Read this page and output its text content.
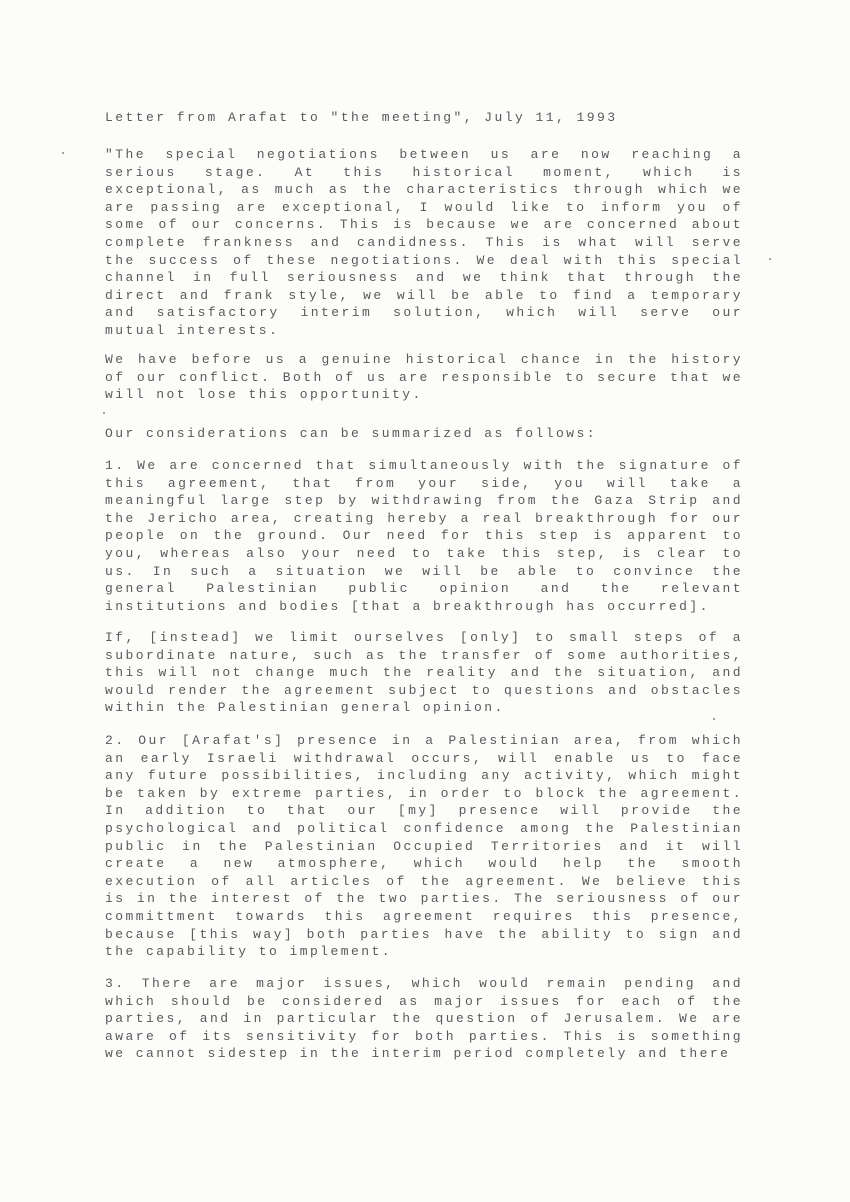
Letter from Arafat to "the meeting", July 11, 1993
"The special negotiations between us are now reaching a
serious stage. At this historical moment, which is
exceptional, as much as the characteristics through which we
are passing are exceptional, I would like to inform you of
some of our concerns. This is because we are concerned about
complete frankness and candidness. This is what will serve
the success of these negotiations. We deal with this special
channel in full seriousness and we think that through the
direct and frank style, we will be able to find a temporary
and satisfactory interim solution, which will serve our
mutual interests.
We have before us a genuine historical chance in the history
of our conflict. Both of us are responsible to secure that we
will not lose this opportunity.
Our considerations can be summarized as follows:
1. We are concerned that simultaneously with the signature of
this agreement, that from your side, you will take a
meaningful large step by withdrawing from the Gaza Strip and
the Jericho area, creating hereby a real breakthrough for our
people on the ground. Our need for this step is apparent to
you, whereas also your need to take this step, is clear to
us. In such a situation we will be able to convince the
general Palestinian public opinion and the relevant
institutions and bodies [that a breakthrough has occurred].
If, [instead] we limit ourselves [only] to small steps of a
subordinate nature, such as the transfer of some authorities,
this will not change much the reality and the situation, and
would render the agreement subject to questions and obstacles
within the Palestinian general opinion.
2. Our [Arafat's] presence in a Palestinian area, from which
an early Israeli withdrawal occurs, will enable us to face
any future possibilities, including any activity, which might
be taken by extreme parties, in order to block the agreement.
In addition to that our [my] presence will provide the
psychological and political confidence among the Palestinian
public in the Palestinian Occupied Territories and it will
create a new atmosphere, which would help the smooth
execution of all articles of the agreement. We believe this
is in the interest of the two parties. The seriousness of our
committment towards this agreement requires this presence,
because [this way] both parties have the ability to sign and
the capability to implement.
3. There are major issues, which would remain pending and
which should be considered as major issues for each of the
parties, and in particular the question of Jerusalem. We are
aware of its sensitivity for both parties. This is something
we cannot sidestep in the interim period completely and there
